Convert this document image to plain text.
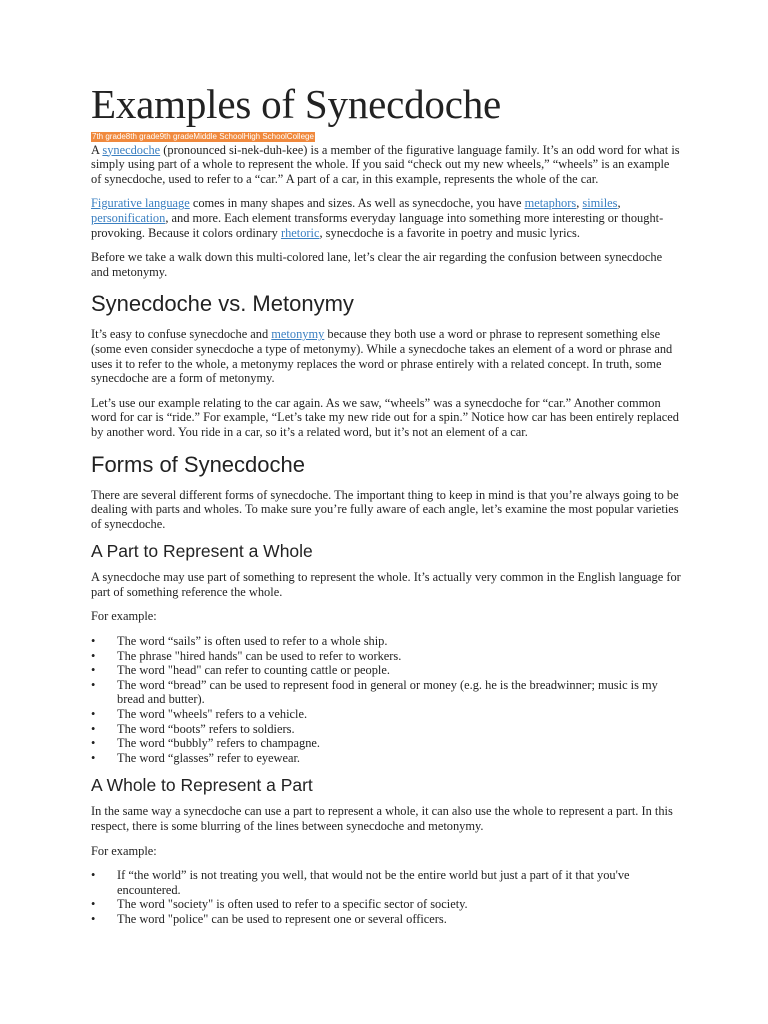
Examples of Synecdoche
7th grade8th grade9th gradeMiddle SchoolHigh SchoolCollege

A synecdoche (pronounced si-nek-duh-kee) is a member of the figurative language family. It’s an odd word for what is simply using part of a whole to represent the whole. If you said “check out my new wheels,” “wheels” is an example of synecdoche, used to refer to a “car.” A part of a car, in this example, represents the whole of the car.

Figurative language comes in many shapes and sizes. As well as synecdoche, you have metaphors, similes, personification, and more. Each element transforms everyday language into something more interesting or thought-provoking. Because it colors ordinary rhetoric, synecdoche is a favorite in poetry and music lyrics.

Before we take a walk down this multi-colored lane, let’s clear the air regarding the confusion between synecdoche and metonymy.

Synecdoche vs. Metonymy

It’s easy to confuse synecdoche and metonymy because they both use a word or phrase to represent something else (some even consider synecdoche a type of metonymy). While a synecdoche takes an element of a word or phrase and uses it to refer to the whole, a metonymy replaces the word or phrase entirely with a related concept. In truth, some synecdoche are a form of metonymy.

Let’s use our example relating to the car again. As we saw, “wheels” was a synecdoche for “car.” Another common word for car is “ride.” For example, “Let’s take my new ride out for a spin.” Notice how car has been entirely replaced by another word. You ride in a car, so it’s a related word, but it’s not an element of a car.

Forms of Synecdoche

There are several different forms of synecdoche. The important thing to keep in mind is that you’re always going to be dealing with parts and wholes. To make sure you’re fully aware of each angle, let’s examine the most popular varieties of synecdoche.

A Part to Represent a Whole

A synecdoche may use part of something to represent the whole. It’s actually very common in the English language for part of something reference the whole.

For example:

• The word “sails” is often used to refer to a whole ship.
• The phrase "hired hands" can be used to refer to workers.
• The word "head" can refer to counting cattle or people.
• The word “bread” can be used to represent food in general or money (e.g. he is the breadwinner; music is my bread and butter).
• The word "wheels" refers to a vehicle.
• The word “boots” refers to soldiers.
• The word “bubbly” refers to champagne.
• The word “glasses” refer to eyewear.
A Whole to Represent a Part

In the same way a synecdoche can use a part to represent a whole, it can also use the whole to represent a part. In this respect, there is some blurring of the lines between synecdoche and metonymy.

For example:

• If “the world” is not treating you well, that would not be the entire world but just a part of it that you've encountered.
• The word "society" is often used to refer to a specific sector of society.
• The word "police" can be used to represent one or several officers.
